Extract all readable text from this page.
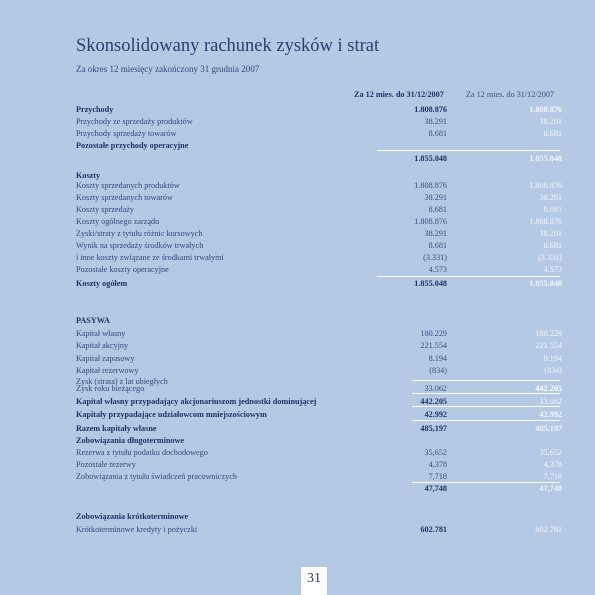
Skonsolidowany rachunek zysków i strat
Za okres 12 miesięcy zakończony 31 grudnia 2007
Za 12 mies. do 31/12/2007	Za 12 mies. do 31/12/2007
Przychody	1.808.876	1.808.876
Przychody ze sprzedaży produktów	38.291	38.291
Przychody sprzedaży towarów	8.681	8.681
Pozostałe przychody operacyjne
1.855.048	1.855.048
Koszty
Koszty sprzedanych produktów	1.808.876	1.808.876
Koszty sprzedanych towarów	38.291	38.291
Koszty sprzedaży	8.681	8.681
Koszty ogólnego zarządu	1.808.876	1.808.876
Zyski/straty z tytułu różnic kursowych	38.291	38.291
Wynik na sprzedaży środków trwałych	8.681	8.681
i inne koszty związane ze środkami trwałymi	(3.331)	(3.331)
Pozostałe koszty operacyjne	4.573	4.573
Koszty ogółem	1.855.048	1.855.048
PASYWA
Kapitał własny	180.229	180.229
Kapitał akcyjny	221.554	221.554
Kapitał zapasowy	8.194	8.194
Kapitał rezerwowy	(834)	(834)
Zysk (strata) z lat ubiegłych
Zysk roku bieżącego	33.062	442.205
Kapitał własny przypadający akcjonariuszom jednostki dominującej	442.205	33.062
Kapitały przypadające udziałowcom mniejszościowym	42.992	42.992
Razem kapitały własne	485,197	485,197
Zobowiązania długoterminowe
Rezerwa z tytułu podatku dochodowego	35,652	35,652
Pozostałe rezerwy	4,378	4,378
Zobowiązania z tytułu świadczeń pracowniczych	7,718	7,718
47,748	47,748
Zobowiązania krótkoterminowe
Krótkoterminowe kredyty i pożyczki	602.781	602.781
31
